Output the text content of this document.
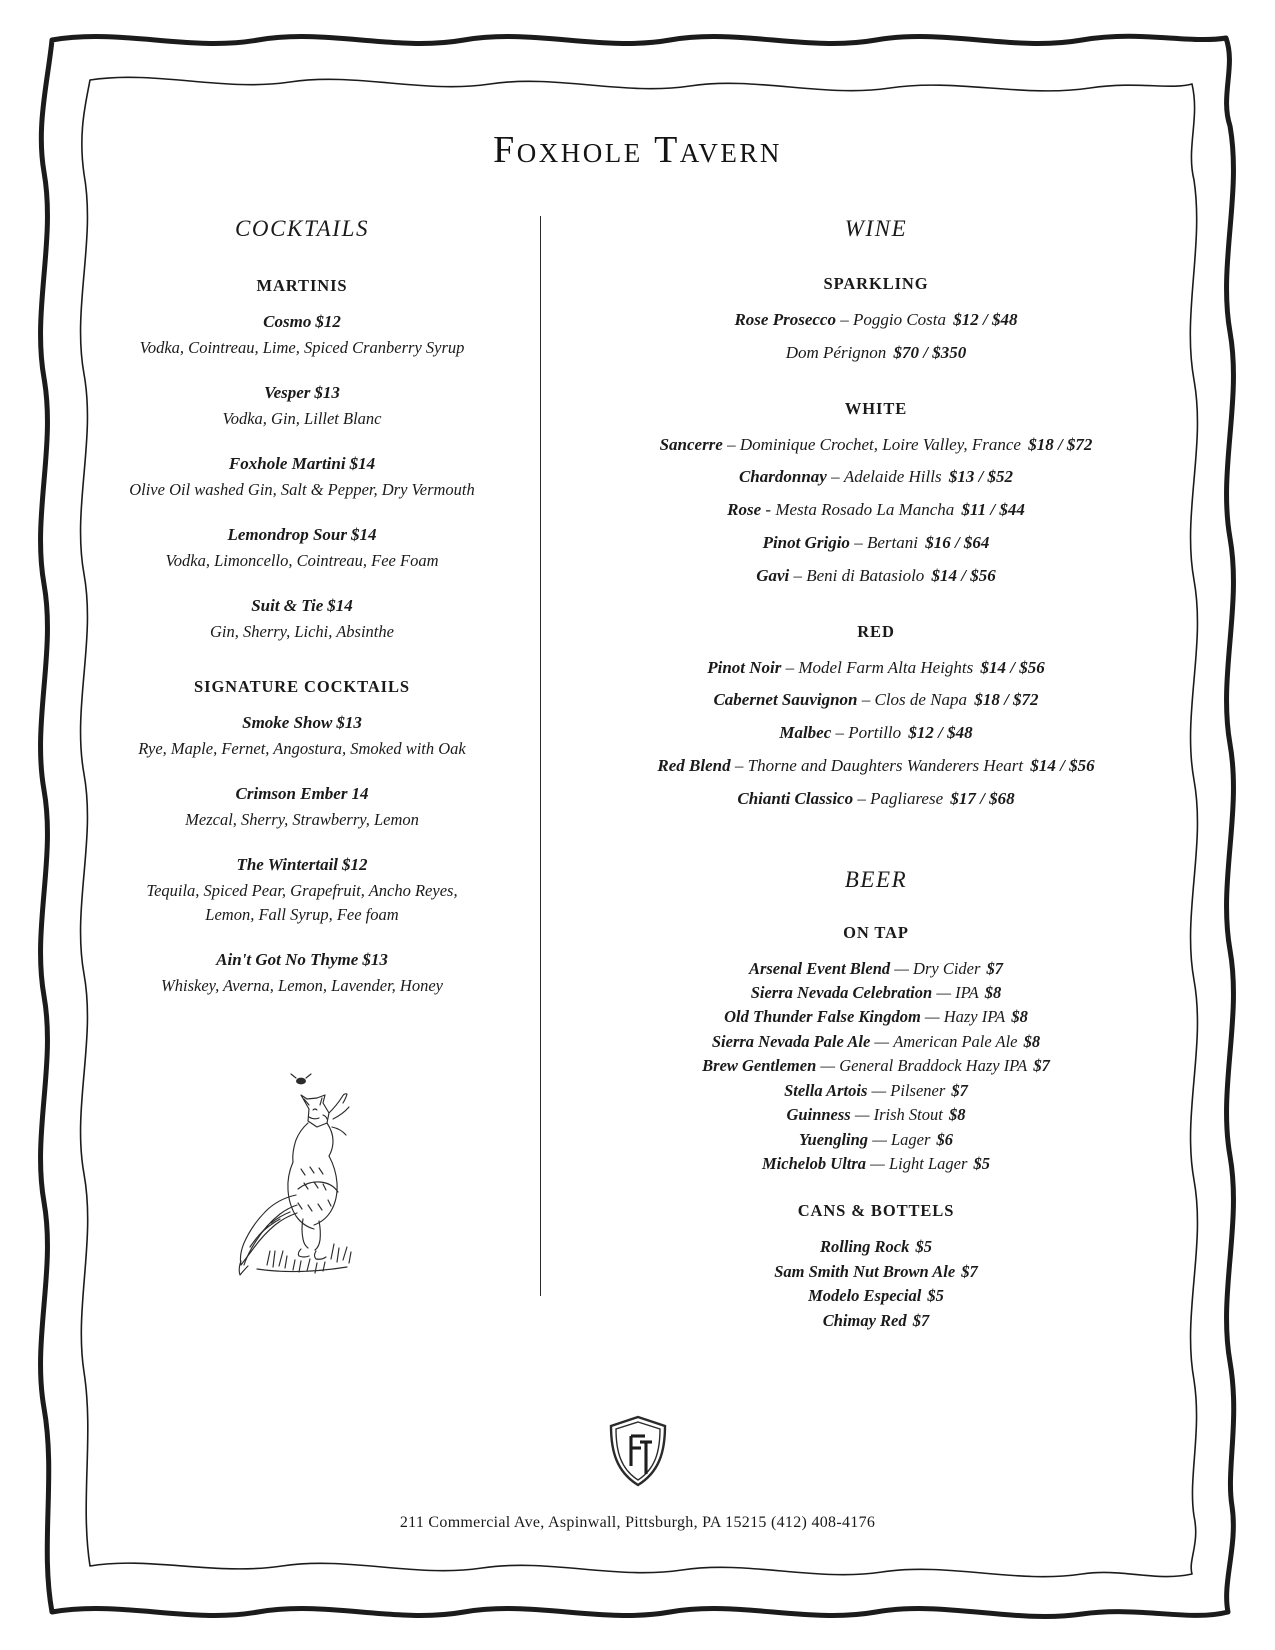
Foxhole Tavern
COCKTAILS
MARTINIS
Cosmo $12
Vodka, Cointreau, Lime, Spiced Cranberry Syrup
Vesper $13
Vodka, Gin, Lillet Blanc
Foxhole Martini $14
Olive Oil washed Gin, Salt & Pepper, Dry Vermouth
Lemondrop Sour $14
Vodka, Limoncello, Cointreau, Fee Foam
Suit & Tie $14
Gin, Sherry, Lichi, Absinthe
SIGNATURE COCKTAILS
Smoke Show $13
Rye, Maple, Fernet, Angostura, Smoked with Oak
Crimson Ember 14
Mezcal, Sherry, Strawberry, Lemon
The Wintertail $12
Tequila, Spiced Pear, Grapefruit, Ancho Reyes, Lemon, Fall Syrup, Fee foam
Ain't Got No Thyme $13
Whiskey, Averna, Lemon, Lavender, Honey
WINE
SPARKLING
Rose Prosecco – Poggio Costa $12 / $48
Dom Pérignon $70 / $350
WHITE
Sancerre – Dominique Crochet, Loire Valley, France $18 / $72
Chardonnay – Adelaide Hills $13 / $52
Rose - Mesta Rosado La Mancha $11 / $44
Pinot Grigio – Bertani $16 / $64
Gavi – Beni di Batasiolo $14 / $56
RED
Pinot Noir – Model Farm Alta Heights $14 / $56
Cabernet Sauvignon – Clos de Napa $18 / $72
Malbec – Portillo $12 / $48
Red Blend – Thorne and Daughters Wanderers Heart $14 / $56
Chianti Classico – Pagliarese $17 / $68
BEER
ON TAP
Arsenal Event Blend — Dry Cider $7
Sierra Nevada Celebration — IPA $8
Old Thunder False Kingdom — Hazy IPA $8
Sierra Nevada Pale Ale — American Pale Ale $8
Brew Gentlemen — General Braddock Hazy IPA $7
Stella Artois — Pilsener $7
Guinness — Irish Stout $8
Yuengling — Lager $6
Michelob Ultra — Light Lager $5
CANS & BOTTELS
Rolling Rock $5
Sam Smith Nut Brown Ale $7
Modelo Especial $5
Chimay Red $7
211 Commercial Ave, Aspinwall, Pittsburgh, PA 15215 (412) 408-4176
